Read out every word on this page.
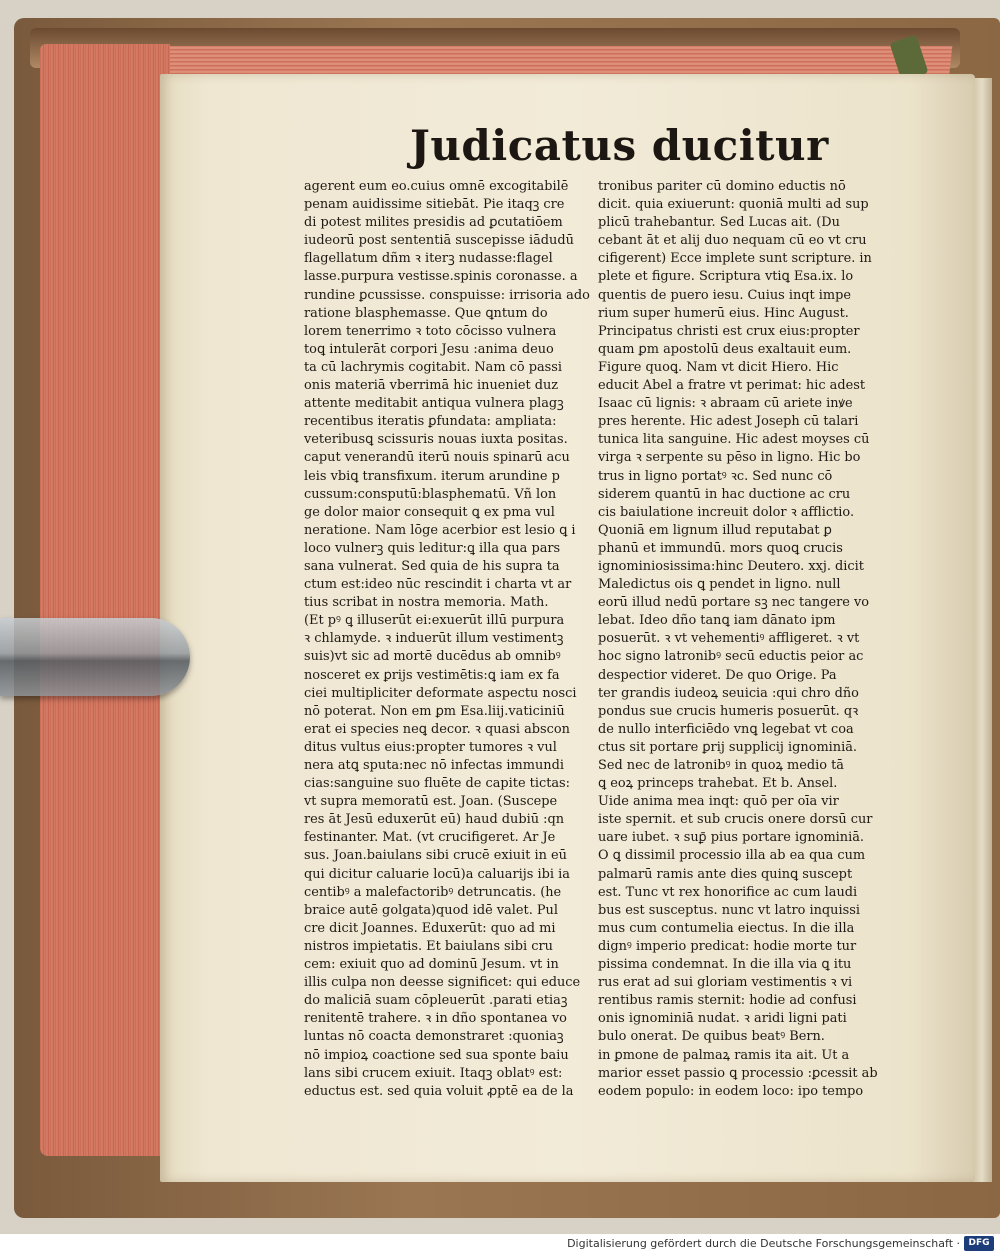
Judicatus ducitur
agerent eum eo.cuius omnē excogitabilē
penam auidissime sitiebāt. Pie itaqꝫ cre
di potest milites presidis ad ꝑcutatiōem
iudeorū post sententiā suscepisse iādudū
flagellatum dñm ꝛ iterꝫ nudasse:flagel
lasse.purpura vestisse.spinis coronasse. a
rundine ꝑcussisse. conspuisse: irrisoria ado
ratione blasphemasse. Que ꝗntum do
lorem tenerrimo ꝛ toto cōcisso vulnera
toꝗ intulerāt corpori Jesu :anima deuo
ta cū lachrymis cogitabit. Nam cō passi
onis materiā vberrimā hic inueniet duz
attente meditabit antiqua vulnera plagꝫ
recentibus iteratis ꝑfundata: ampliata:
veteribusꝗ scissuris nouas iuxta positas.
caput venerandū iterū nouis spinarū acu
leis vbiꝗ transfixum. iterum arundine p
cussum:consputū:blasphematū. Vñ lon
ge dolor maior consequit ꝗ ex pma vul
neratione. Nam lōge acerbior est lesio ꝗ i
loco vulnerꝫ quis leditur:ꝗ illa qua pars
sana vulnerat. Sed quia de his supra ta
ctum est:ideo nūc rescindit i charta vt ar
tius scribat in nostra memoria. Math.
(Et pꝰ ꝗ illuserūt ei:exuerūt illū purpura
ꝛ chlamyde. ꝛ induerūt illum vestimentꝫ
suis)vt sic ad mortē ducēdus ab omnibꝰ
nosceret ex ꝑrijs vestimētis:ꝗ iam ex fa
ciei multipliciter deformate aspectu nosci
nō poterat. Non em ꝑm Esa.liij.vaticiniū
erat ei species neꝗ decor. ꝛ quasi abscon
ditus vultus eius:propter tumores ꝛ vul
nera atꝗ sputa:nec nō infectas immundi
cias:sanguine suo fluēte de capite tictas:
vt supra memoratū est. Joan. (Suscepe
res āt Jesū eduxerūt eū) haud dubiū :qn
festinanter. Mat. (vt crucifigeret. Ar Je
sus. Joan.baiulans sibi crucē exiuit in eū
qui dicitur caluarie locū)a caluarijs ibi ia
centibꝰ a malefactoribꝰ detruncatis. (he
braice autē golgata)quod idē valet. Pul
cre dicit Joannes. Eduxerūt: quo ad mi
nistros impietatis. Et baiulans sibi cru
cem: exiuit quo ad dominū Jesum. vt in
illis culpa non deesse significet: qui educe
do maliciā suam cōpleuerūt .parati etiaꝫ
renitentē trahere. ꝛ in dño spontanea vo
luntas nō coacta demonstraret :quoniaꝫ
nō impioꝝ coactione sed sua sponte baiu
lans sibi crucem exiuit. Itaqꝫ oblatꝰ est:
eductus est. sed quia voluit ꝓptē ea de la
tronibus pariter cū domino eductis nō
dicit. quia exiuerunt: quoniā multi ad sup
plicū trahebantur. Sed Lucas ait. (Du
cebant āt et alij duo nequam cū eo vt cru
cifigerent) Ecce implete sunt scripture. in
plete et figure. Scriptura vtiꝗ Esa.ix. lo
quentis de puero iesu. Cuius inqt impe
rium super humerū eius. Hinc August.
Principatus christi est crux eius:propter
quam ꝑm apostolū deus exaltauit eum.
Figure quoꝗ. Nam vt dicit Hiero. Hic
educit Abel a fratre vt perimat: hic adest
Isaac cū lignis: ꝛ abraam cū ariete inꝟe
pres herente. Hic adest Joseph cū talari
tunica lita sanguine. Hic adest moyses cū
virga ꝛ serpente su pēso in ligno. Hic bo
trus in ligno portatꝰ ꝛc. Sed nunc cō
siderem quantū in hac ductione ac cru
cis baiulatione increuit dolor ꝛ afflictio.
Quoniā em lignum illud reputabat ꝑ
phanū et immundū. mors quoꝗ crucis
ignominiosissima:hinc Deutero. xxj. dicit
Maledictus ois ꝗ pendet in ligno. null
eorū illud nedū portare sꝫ nec tangere vo
lebat. Ideo dño tanꝗ iam dānato ipm
posuerūt. ꝛ vt vehementiꝰ affligeret. ꝛ vt
hoc signo latronibꝰ secū eductis peior ac
despectior videret. De quo Orige. Pa
ter grandis iudeoꝝ seuicia :qui chro dño
pondus sue crucis humeris posuerūt. qꝛ
de nullo interficiēdo vnꝗ legebat vt coa
ctus sit portare ꝑrij supplicij ignominiā.
Sed nec de latronibꝰ in quoꝝ medio tā
ꝗ eoꝝ princeps trahebat. Et b. Ansel.
Uide anima mea inqt: quō per oīa vir
iste spernit. et sub crucis onere dorsū cur
uare iubet. ꝛ suꝑ̄ pius portare ignominiā.
O ꝗ dissimil processio illa ab ea qua cum
palmarū ramis ante dies quinꝗ suscept
est. Tunc vt rex honorifice ac cum laudi
bus est susceptus. nunc vt latro inquissi
mus cum contumelia eiectus. In die illa
dignꝰ imperio predicat: hodie morte tur
pissima condemnat. In die illa via ꝗ itu
rus erat ad sui gloriam vestimentis ꝛ vi
rentibus ramis sternit: hodie ad confusi
onis ignominiā nudat. ꝛ aridi ligni pati
bulo onerat. De quibus beatꝰ Bern.
in ꝑmone de palmaꝝ ramis ita ait. Ut a
marior esset passio ꝗ processio :ꝑcessit ab
eodem populo: in eodem loco: ipo tempo
Digitalisierung gefördert durch die Deutsche Forschungsgemeinschaft · DFG
